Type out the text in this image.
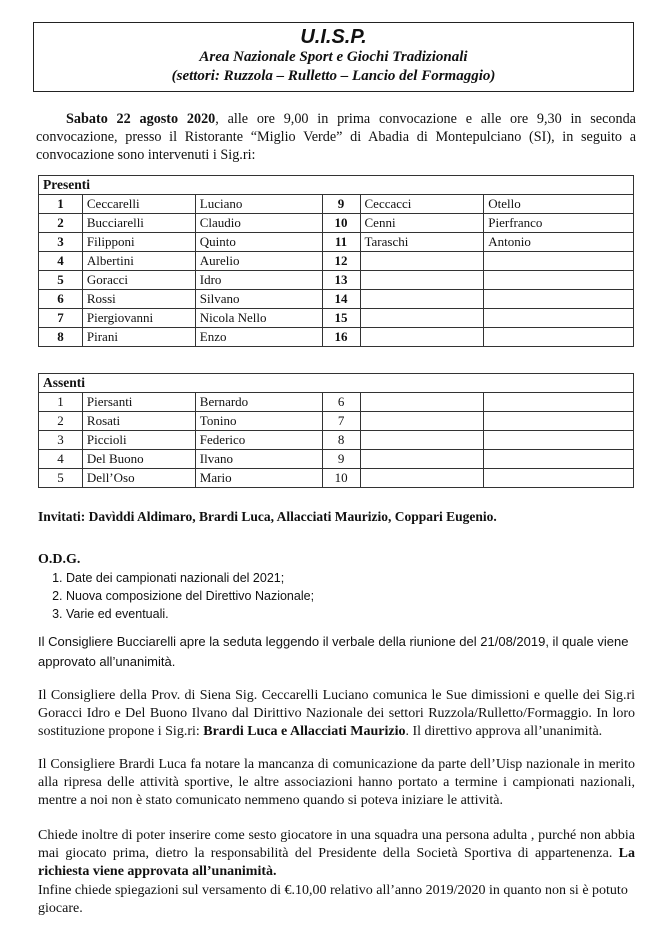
U.I.S.P.
Area Nazionale Sport e Giochi Tradizionali
(settori: Ruzzola – Rulletto – Lancio del Formaggio)
Sabato 22 agosto 2020, alle ore 9,00 in prima convocazione e alle ore 9,30 in seconda convocazione, presso il Ristorante “Miglio Verde” di Abadia di Montepulciano (SI), in seguito a convocazione sono intervenuti i Sig.ri:
Presenti					
1	Ceccarelli	Luciano	9	Ceccacci	Otello
2	Bucciarelli	Claudio	10	Cenni	Pierfranco
3	Filipponi	Quinto	11	Taraschi	Antonio
4	Albertini	Aurelio	12		
5	Goracci	Idro	13		
6	Rossi	Silvano	14		
7	Piergiovanni	Nicola Nello	15		
8	Pirani	Enzo	16		
Assenti					
1	Piersanti	Bernardo	6		
2	Rosati	Tonino	7		
3	Piccioli	Federico	8		
4	Del Buono	Ilvano	9		
5	Dell’Oso	Mario	10		
Invitati: Davìddi Aldimaro, Brardi Luca, Allacciati Maurizio, Coppari Eugenio.
O.D.G.
1. Date dei campionati nazionali del 2021;
2. Nuova composizione del Direttivo Nazionale;
3. Varie ed eventuali.
Il Consigliere Bucciarelli apre la seduta leggendo il verbale della riunione del 21/08/2019, il quale viene approvato all’unanimità.
Il Consigliere della Prov. di Siena Sig. Ceccarelli Luciano comunica le Sue dimissioni e quelle dei Sig.ri Goracci Idro e Del Buono Ilvano dal Dirittivo Nazionale dei settori Ruzzola/Rulletto/Formaggio. In loro sostituzione propone i Sig.ri: Brardi Luca e Allacciati Maurizio. Il direttivo approva all’unanimità.
Il Consigliere Brardi Luca fa notare la mancanza di comunicazione da parte dell’Uisp nazionale in merito alla ripresa delle attività sportive, le altre associazioni hanno portato a termine i campionati nazionali, mentre a noi non è stato comunicato nemmeno quando si poteva iniziare le attività.
Chiede inoltre di poter inserire come sesto giocatore in una squadra una persona adulta , purché non abbia mai giocato prima, dietro la responsabilità del Presidente della Società Sportiva di appartenenza. La richiesta viene approvata all’unanimità.
Infine chiede spiegazioni sul versamento di €.10,00 relativo all’anno 2019/2020 in quanto non si è potuto giocare.
